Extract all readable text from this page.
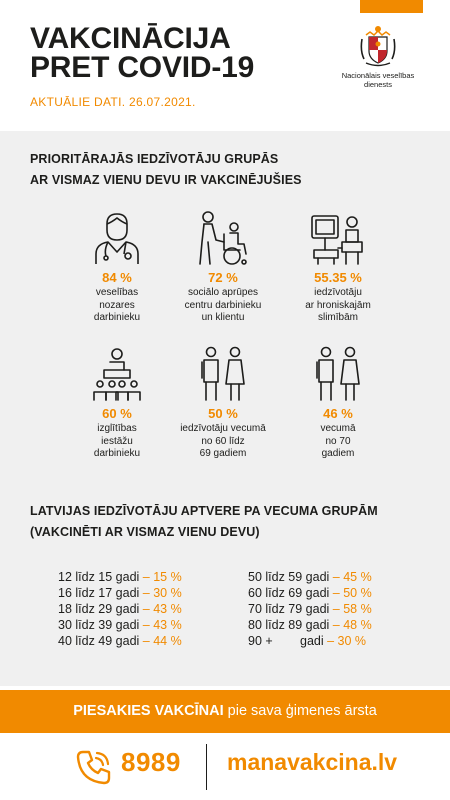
VAKCINĀCIJA
PRET COVID-19
AKTUĀLIE DATI. 26.07.2021.
Nacionālais veselības
dienests
PRIORITĀRAJĀS IEDZĪVOTĀJU GRUPĀS
AR VISMAZ VIENU DEVU IR VAKCINĒJUŠIES
84 %
veselības
nozares
darbinieku
72 %
sociālo aprūpes
centru darbinieku
un klientu
55.35 %
iedzīvotāju
ar hroniskajām
slimībām
60 %
izglītības
iestāžu
darbinieku
50 %
iedzīvotāju vecumā
no 60 līdz
69 gadiem
46 %
vecumā
no 70
gadiem
LATVIJAS IEDZĪVOTĀJU APTVERE PA VECUMA GRUPĀM
(VAKCINĒTI AR VISMAZ VIENU DEVU)
12 līdz 15 gadi – 15 %
16 līdz 17 gadi – 30 %
18 līdz 29 gadi – 43 %
30 līdz 39 gadi – 43 %
40 līdz 49 gadi – 44 %
50 līdz 59 gadi – 45 %
60 līdz 69 gadi – 50 %
70 līdz 79 gadi – 58 %
80 līdz 89 gadi – 48 %
90 + gadi – 30 %
PIESAKIES VAKCĪNAI pie sava ģimenes ārsta
8989 manavakcina.lv
